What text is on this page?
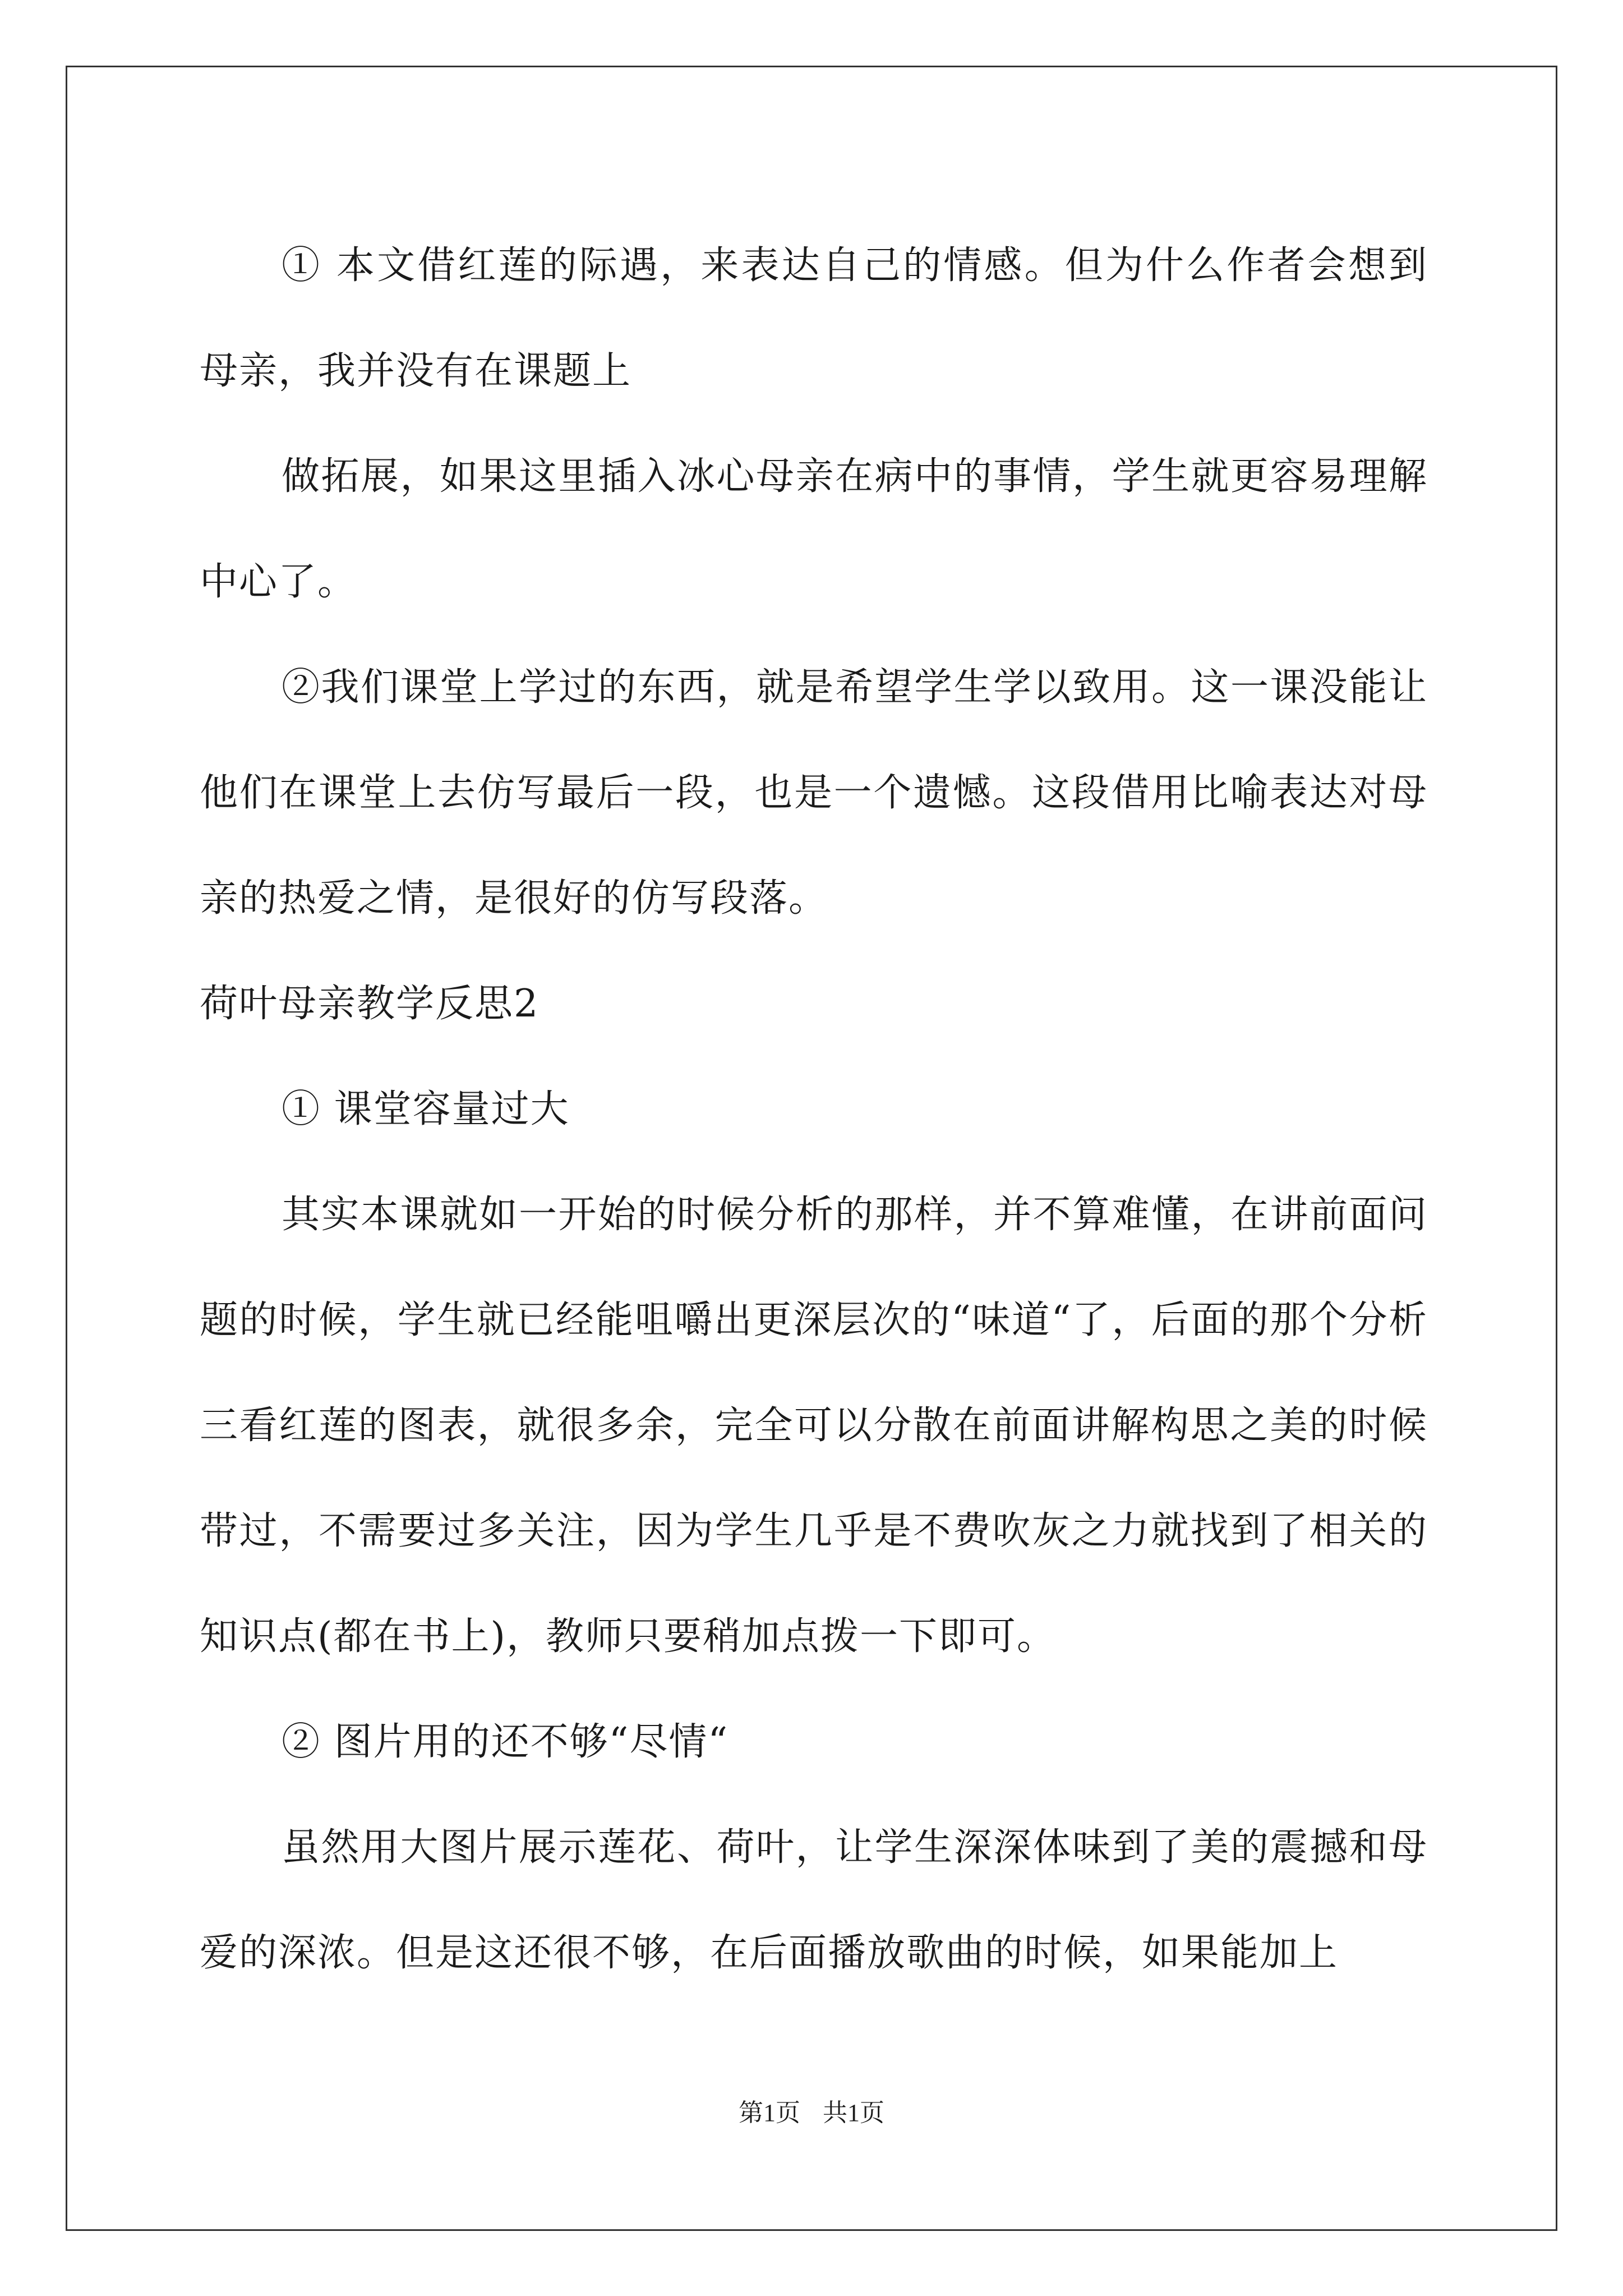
① 本文借红莲的际遇，来表达自己的情感。但为什么作者会想到母亲，我并没有在课题上

做拓展，如果这里插入冰心母亲在病中的事情，学生就更容易理解中心了。

②我们课堂上学过的东西，就是希望学生学以致用。这一课没能让他们在课堂上去仿写最后一段，也是一个遗憾。这段借用比喻表达对母亲的热爱之情，是很好的仿写段落。

荷叶母亲教学反思2

① 课堂容量过大

其实本课就如一开始的时候分析的那样，并不算难懂，在讲前面问题的时候，学生就已经能咀嚼出更深层次的“味道“了，后面的那个分析三看红莲的图表，就很多余，完全可以分散在前面讲解构思之美的时候带过，不需要过多关注，因为学生几乎是不费吹灰之力就找到了相关的知识点(都在书上)，教师只要稍加点拨一下即可。

② 图片用的还不够“尽情“

虽然用大图片展示莲花、荷叶，让学生深深体味到了美的震撼和母爱的深浓。但是这还很不够，在后面播放歌曲的时候，如果能加上

第1页 共1页
